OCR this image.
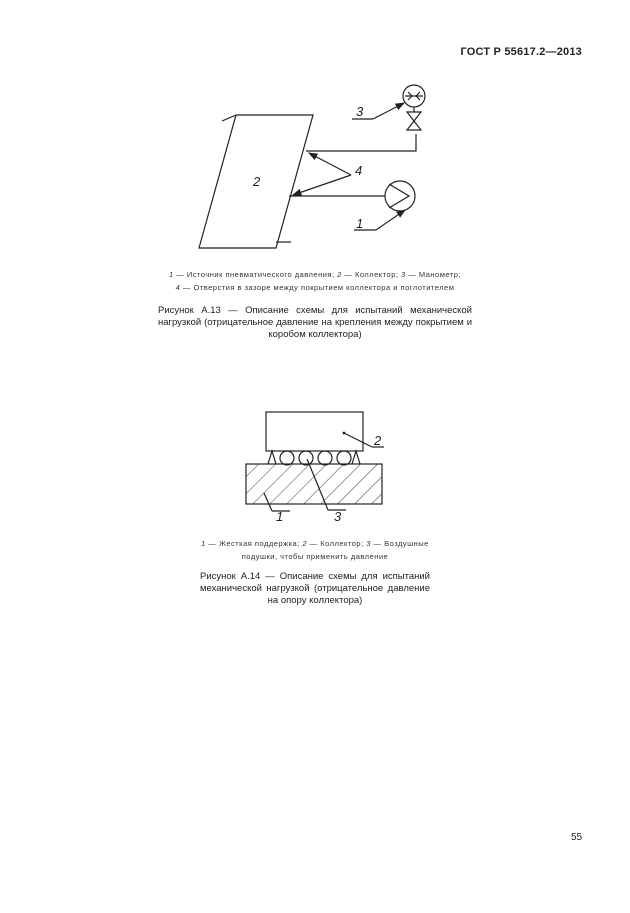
ГОСТ Р 55617.2—2013
3
4
1
2
1 — Источник пневматического давления; 2 — Коллектор; 3 — Манометр;
4 — Отверстия в зазоре между покрытием коллектора и поглотителем
Рисунок А.13 — Описание схемы для испытаний механической нагрузкой (отрицательное давление на крепления между покрытием и коробом коллектора)
2
1	3
1 — Жесткая поддержка; 2 — Коллектор; 3 — Воздушные подушки, чтобы применить давление
Рисунок А.14 — Описание схемы для испытаний механической нагрузкой (отрицательное давление на опору коллектора)
55
